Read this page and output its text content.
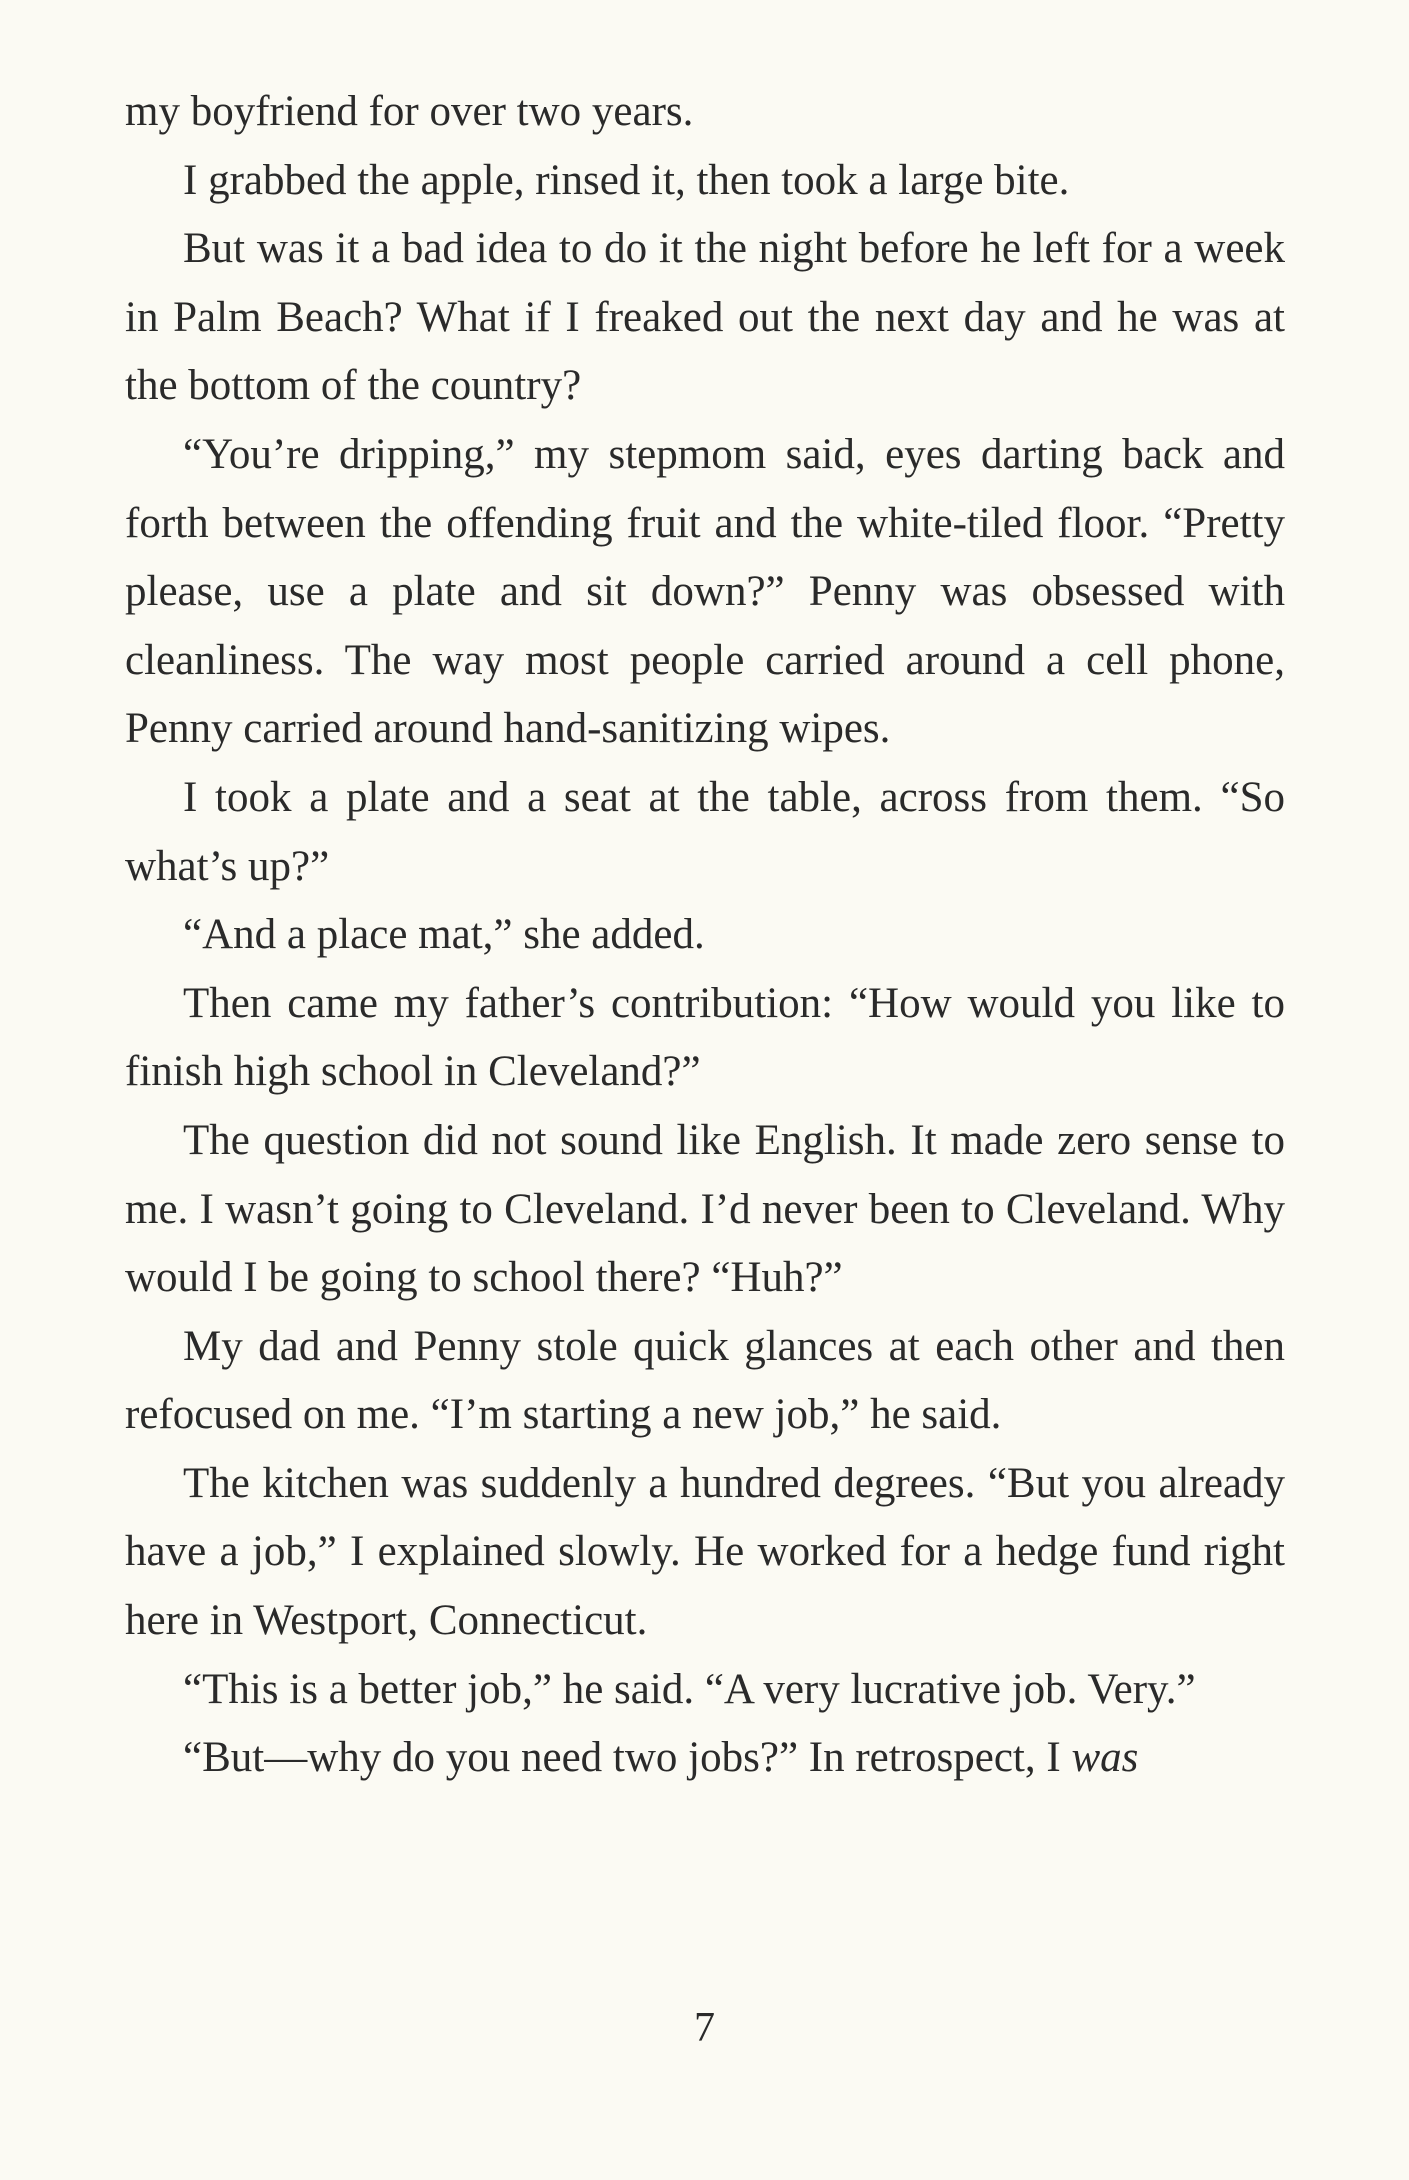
my boyfriend for over two years.

I grabbed the apple, rinsed it, then took a large bite.

But was it a bad idea to do it the night before he left for a week in Palm Beach? What if I freaked out the next day and he was at the bottom of the country?

“You’re dripping,” my stepmom said, eyes darting back and forth between the offending fruit and the white-tiled floor. “Pretty please, use a plate and sit down?” Penny was obsessed with cleanliness. The way most people carried around a cell phone, Penny carried around hand-sanitizing wipes.

I took a plate and a seat at the table, across from them. “So what’s up?”

“And a place mat,” she added.

Then came my father’s contribution: “How would you like to finish high school in Cleveland?”

The question did not sound like English. It made zero sense to me. I wasn’t going to Cleveland. I’d never been to Cleveland. Why would I be going to school there? “Huh?”

My dad and Penny stole quick glances at each other and then refocused on me. “I’m starting a new job,” he said.

The kitchen was suddenly a hundred degrees. “But you already have a job,” I explained slowly. He worked for a hedge fund right here in Westport, Connecticut.

“This is a better job,” he said. “A very lucrative job. Very.”

“But—why do you need two jobs?” In retrospect, I was

7
